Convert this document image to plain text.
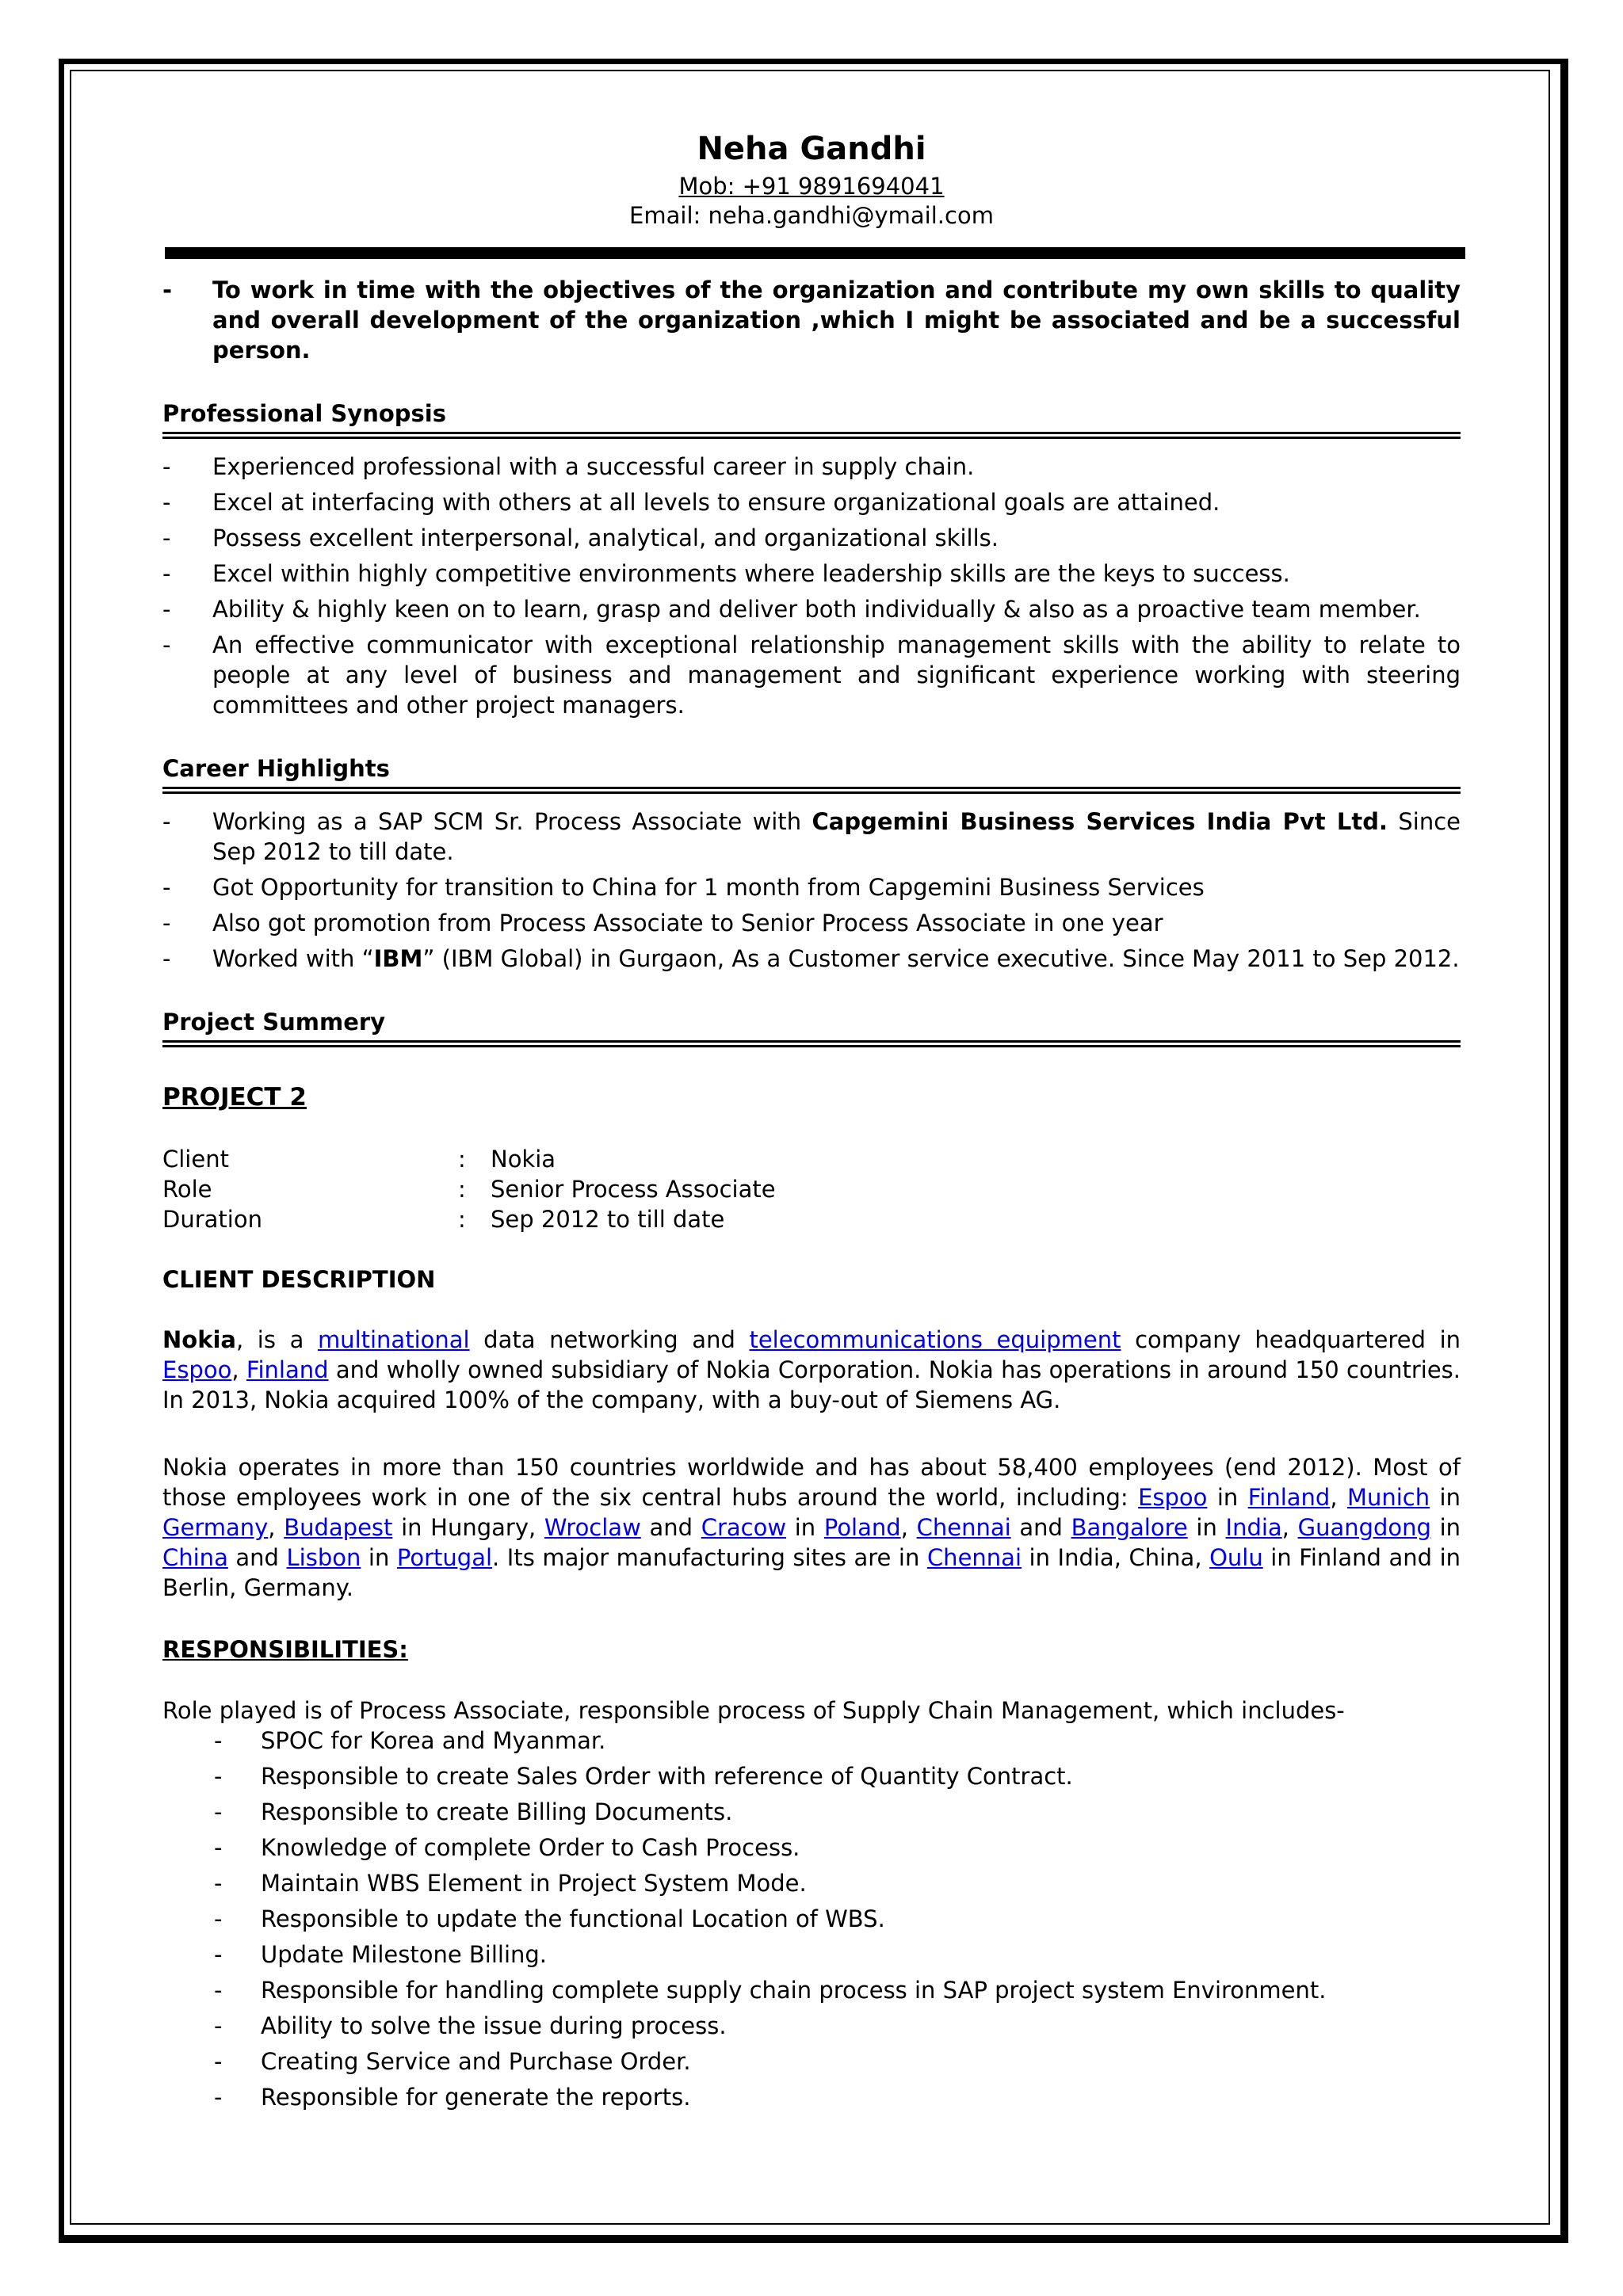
Neha Gandhi
Mob: +91 9891694041
Email: neha.gandhi@ymail.com
- To work in time with the objectives of the organization and contribute my own skills to quality and overall development of the organization ,which I might be associated and be a successful person.
Professional Synopsis
- Experienced professional with a successful career in supply chain.
- Excel at interfacing with others at all levels to ensure organizational goals are attained.
- Possess excellent interpersonal, analytical, and organizational skills.
- Excel within highly competitive environments where leadership skills are the keys to success.
- Ability & highly keen on to learn, grasp and deliver both individually & also as a proactive team member.
- An effective communicator with exceptional relationship management skills with the ability to relate to people at any level of business and management and significant experience working with steering committees and other project managers.
Career Highlights
- Working as a SAP SCM Sr. Process Associate with Capgemini Business Services India Pvt Ltd. Since Sep 2012 to till date.
- Got Opportunity for transition to China for 1 month from Capgemini Business Services
- Also got promotion from Process Associate to Senior Process Associate in one year
- Worked with “IBM” (IBM Global) in Gurgaon, As a Customer service executive. Since May 2011 to Sep 2012.
Project Summery
PROJECT 2
Client	:	Nokia
Role	:	Senior Process Associate
Duration	:	Sep 2012 to till date
CLIENT DESCRIPTION

Nokia, is a multinational data networking and telecommunications equipment company headquartered in Espoo, Finland and wholly owned subsidiary of Nokia Corporation. Nokia has operations in around 150 countries. In 2013, Nokia acquired 100% of the company, with a buy-out of Siemens AG.

Nokia operates in more than 150 countries worldwide and has about 58,400 employees (end 2012). Most of those employees work in one of the six central hubs around the world, including: Espoo in Finland, Munich in Germany, Budapest in Hungary, Wroclaw and Cracow in Poland, Chennai and Bangalore in India, Guangdong in China and Lisbon in Portugal. Its major manufacturing sites are in Chennai in India, China, Oulu in Finland and in Berlin, Germany.

RESPONSIBILITIES:
Role played is of Process Associate, responsible process of Supply Chain Management, which includes-
- SPOC for Korea and Myanmar.
- Responsible to create Sales Order with reference of Quantity Contract.
- Responsible to create Billing Documents.
- Knowledge of complete Order to Cash Process.
- Maintain WBS Element in Project System Mode.
- Responsible to update the functional Location of WBS.
- Update Milestone Billing.
- Responsible for handling complete supply chain process in SAP project system Environment.
- Ability to solve the issue during process.
- Creating Service and Purchase Order.
- Responsible for generate the reports.
